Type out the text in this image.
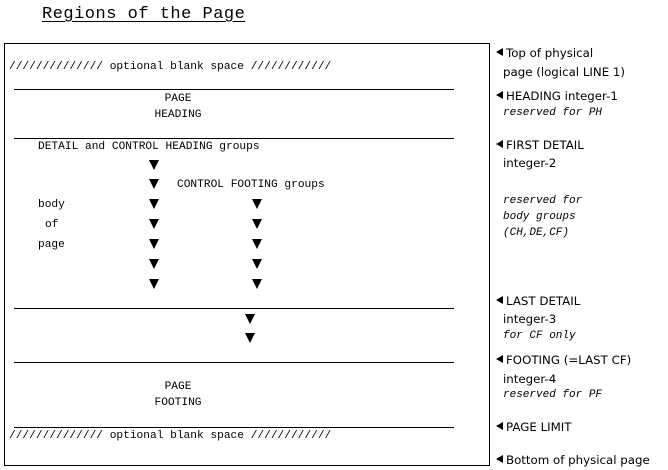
Regions of the Page
////////////// optional blank space ////////////
PAGE
HEADING
DETAIL and CONTROL HEADING groups
CONTROL FOOTING groups
body
of
page
PAGE
FOOTING
////////////// optional blank space ////////////
Top of physical
page (logical LINE 1)
HEADING integer-1
reserved for PH
FIRST DETAIL
integer-2
reserved for
body groups
(CH,DE,CF)
LAST DETAIL
integer-3
for CF only
FOOTING (=LAST CF)
integer-4
reserved for PF
PAGE LIMIT
Bottom of physical page
